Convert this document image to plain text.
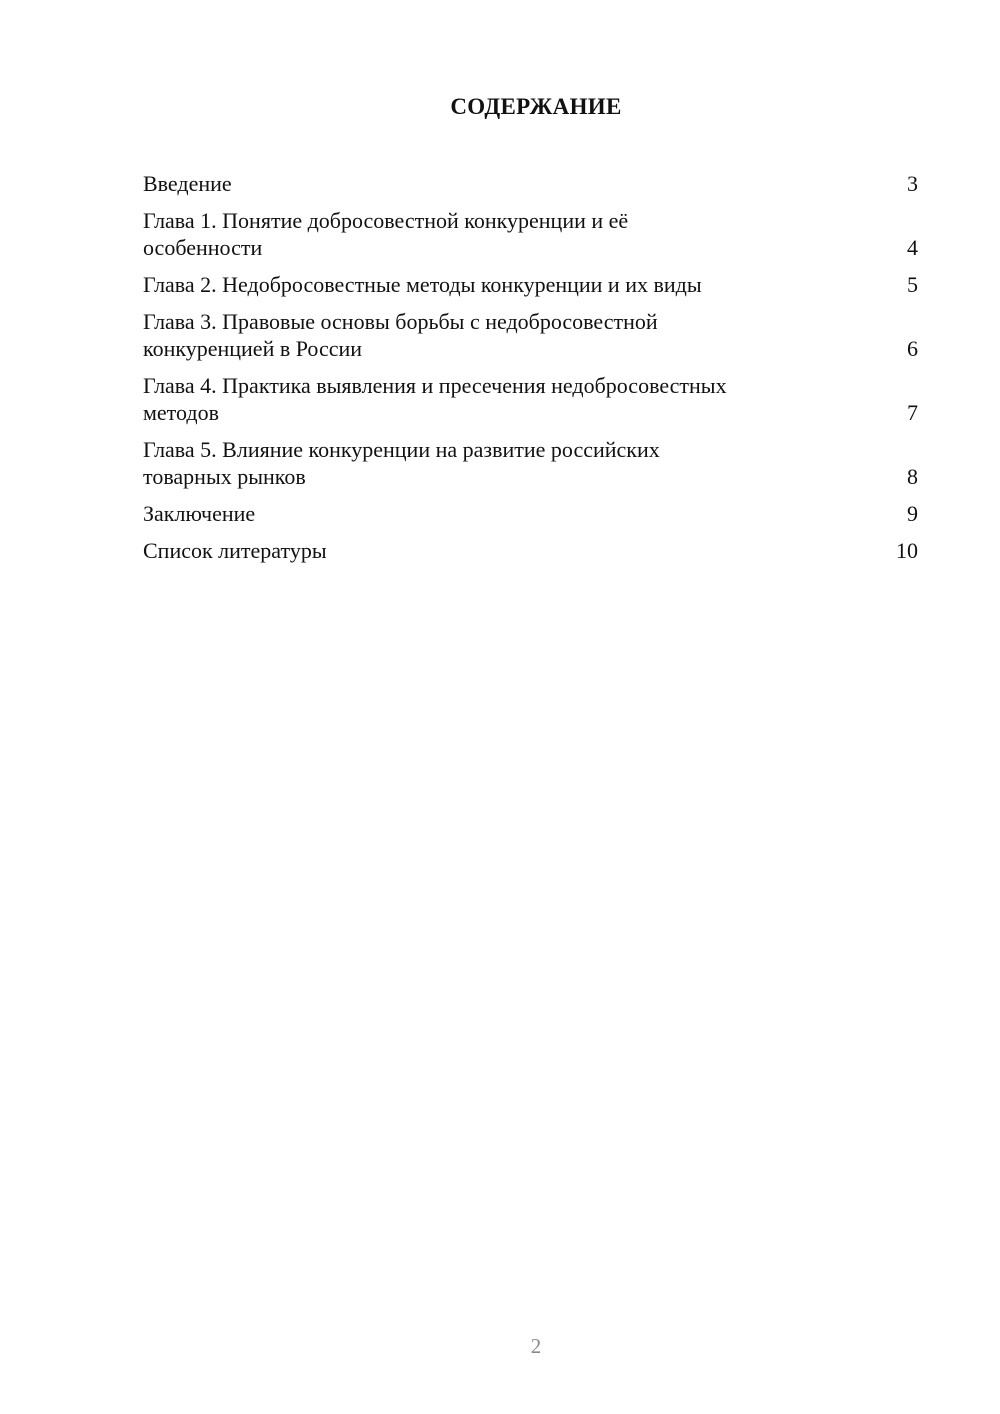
СОДЕРЖАНИЕ
Введение	3
Глава 1. Понятие добросовестной конкуренции и её
особенности	4
Глава 2. Недобросовестные методы конкуренции и их виды	5
Глава 3. Правовые основы борьбы с недобросовестной
конкуренцией в России	6
Глава 4. Практика выявления и пресечения недобросовестных
методов	7
Глава 5. Влияние конкуренции на развитие российских
товарных рынков	8
Заключение	9
Список литературы	10
2
